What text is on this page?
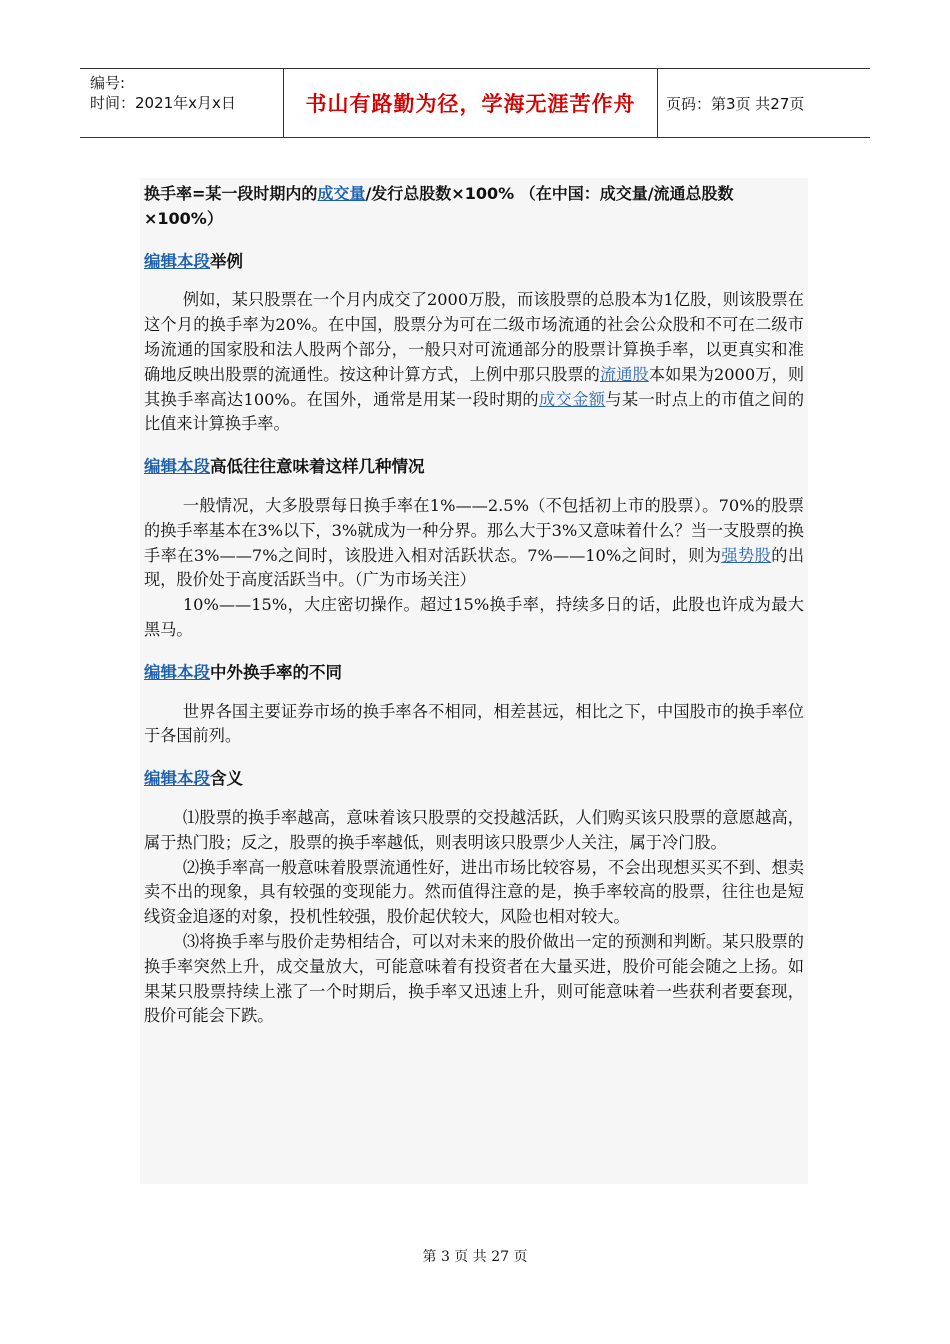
编号:
时间：2021年x月x日	书山有路勤为径，学海无涯苦作舟	页码：第3页 共27页

换手率=某一段时期内的成交量/发行总股数×100% （在中国：成交量/流通总股数×100%）

编辑本段举例

例如，某只股票在一个月内成交了2000万股，而该股票的总股本为1亿股，则该股票在这个月的换手率为20%。在中国，股票分为可在二级市场流通的社会公众股和不可在二级市场流通的国家股和法人股两个部分，一般只对可流通部分的股票计算换手率，以更真实和准确地反映出股票的流通性。按这种计算方式，上例中那只股票的流通股本如果为2000万，则其换手率高达100%。在国外，通常是用某一段时期的成交金额与某一时点上的市值之间的比值来计算换手率。

编辑本段高低往往意味着这样几种情况

一般情况，大多股票每日换手率在1%——2.5%（不包括初上市的股票）。70%的股票的换手率基本在3%以下，3%就成为一种分界。那么大于3%又意味着什么？当一支股票的换手率在3%——7%之间时，该股进入相对活跃状态。7%——10%之间时，则为强势股的出现，股价处于高度活跃当中。（广为市场关注）

10%——15%，大庄密切操作。超过15%换手率，持续多日的话，此股也许成为最大黑马。

编辑本段中外换手率的不同

世界各国主要证券市场的换手率各不相同，相差甚远，相比之下，中国股市的换手率位于各国前列。

编辑本段含义

⑴股票的换手率越高，意味着该只股票的交投越活跃，人们购买该只股票的意愿越高，属于热门股；反之，股票的换手率越低，则表明该只股票少人关注，属于冷门股。

⑵换手率高一般意味着股票流通性好，进出市场比较容易，不会出现想买买不到、想卖卖不出的现象，具有较强的变现能力。然而值得注意的是，换手率较高的股票，往往也是短线资金追逐的对象，投机性较强，股价起伏较大，风险也相对较大。

⑶将换手率与股价走势相结合，可以对未来的股价做出一定的预测和判断。某只股票的换手率突然上升，成交量放大，可能意味着有投资者在大量买进，股价可能会随之上扬。如果某只股票持续上涨了一个时期后，换手率又迅速上升，则可能意味着一些获利者要套现，股价可能会下跌。

第 3 页 共 27 页
